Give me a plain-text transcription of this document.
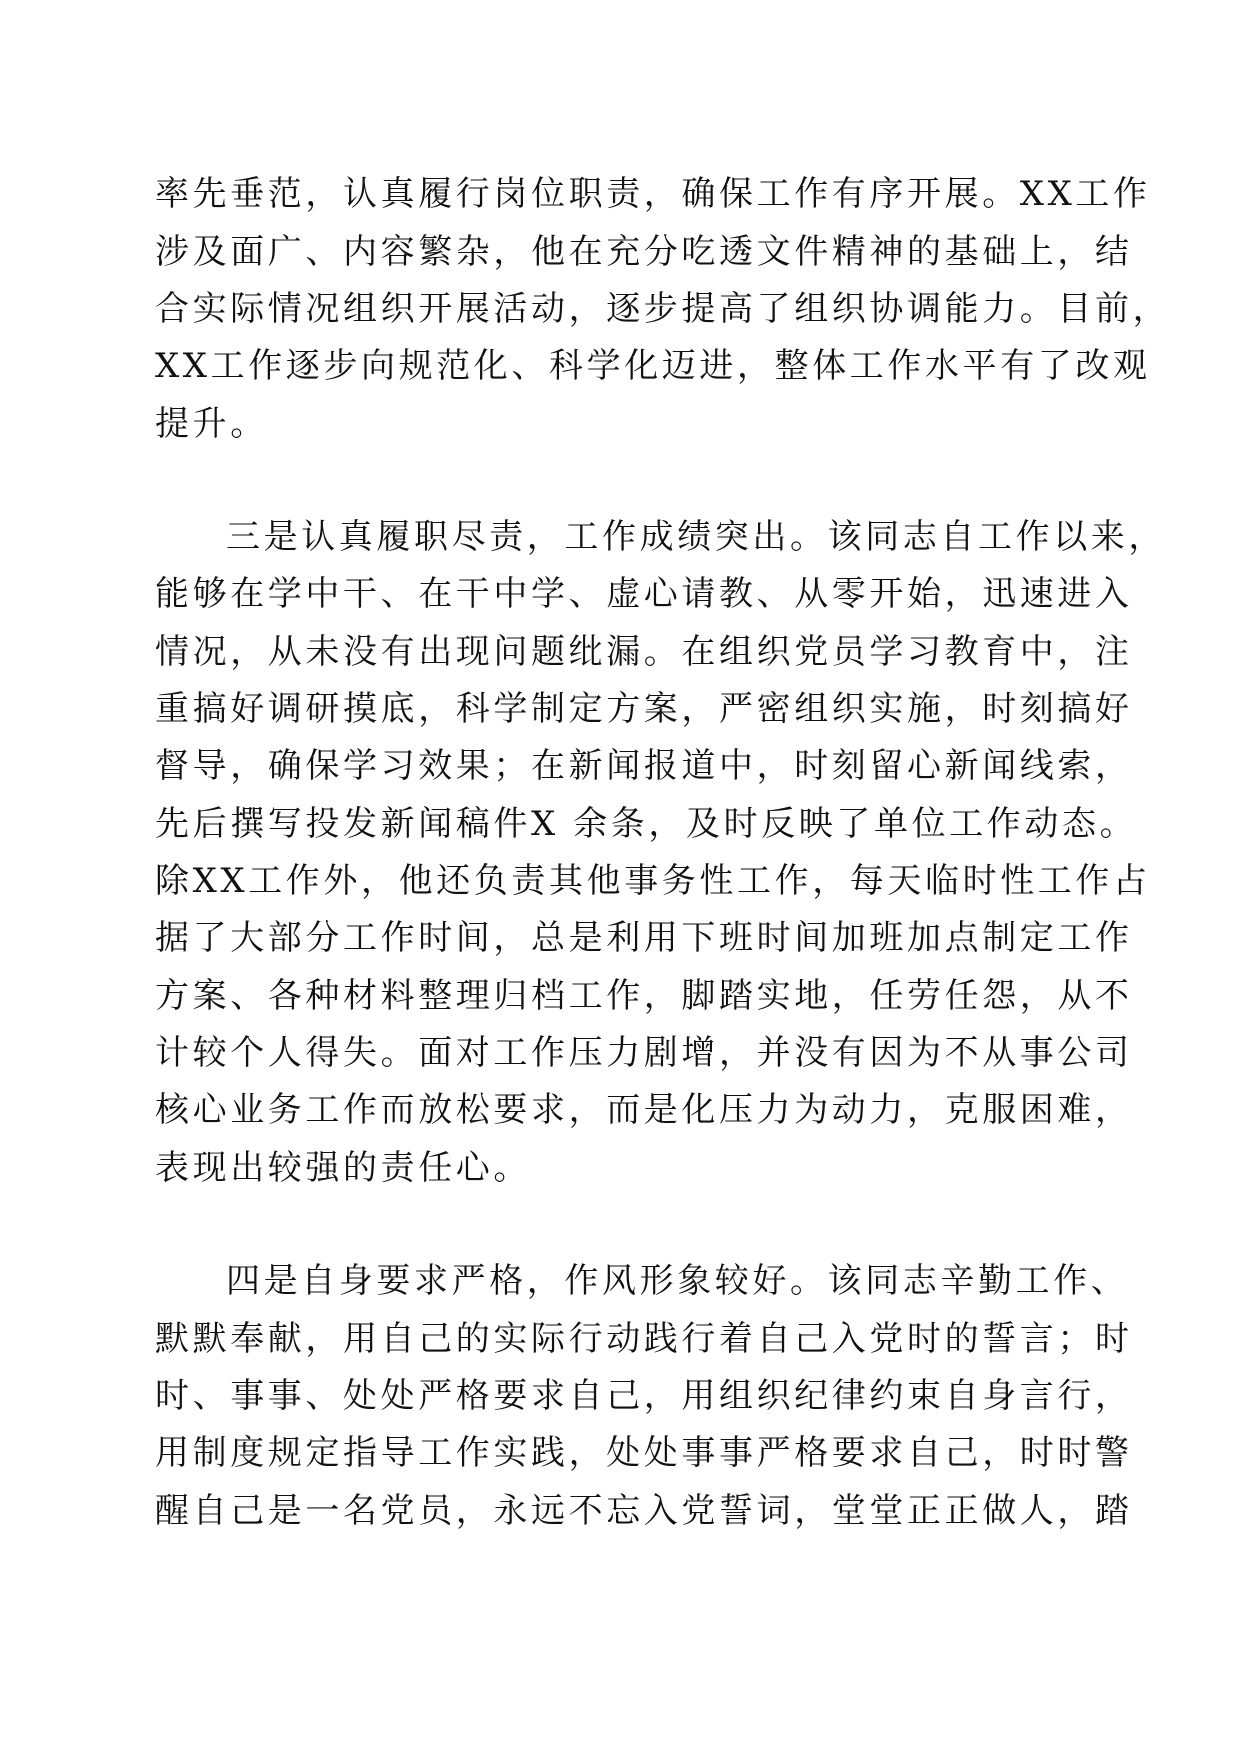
率先垂范，认真履行岗位职责，确保工作有序开展。XX工作
涉及面广、内容繁杂，他在充分吃透文件精神的基础上，结
合实际情况组织开展活动，逐步提高了组织协调能力。目前，
XX工作逐步向规范化、科学化迈进，整体工作水平有了改观
提升。
三是认真履职尽责，工作成绩突出。该同志自工作以来，
能够在学中干、在干中学、虚心请教、从零开始，迅速进入
情况，从未没有出现问题纰漏。在组织党员学习教育中，注
重搞好调研摸底，科学制定方案，严密组织实施，时刻搞好
督导，确保学习效果；在新闻报道中，时刻留心新闻线索，
先后撰写投发新闻稿件X 余条，及时反映了单位工作动态。
除XX工作外，他还负责其他事务性工作，每天临时性工作占
据了大部分工作时间，总是利用下班时间加班加点制定工作
方案、各种材料整理归档工作，脚踏实地，任劳任怨，从不
计较个人得失。面对工作压力剧增，并没有因为不从事公司
核心业务工作而放松要求，而是化压力为动力，克服困难，
表现出较强的责任心。
四是自身要求严格，作风形象较好。该同志辛勤工作、
默默奉献，用自己的实际行动践行着自己入党时的誓言；时
时、事事、处处严格要求自己，用组织纪律约束自身言行，
用制度规定指导工作实践，处处事事严格要求自己，时时警
醒自己是一名党员，永远不忘入党誓词，堂堂正正做人，踏
